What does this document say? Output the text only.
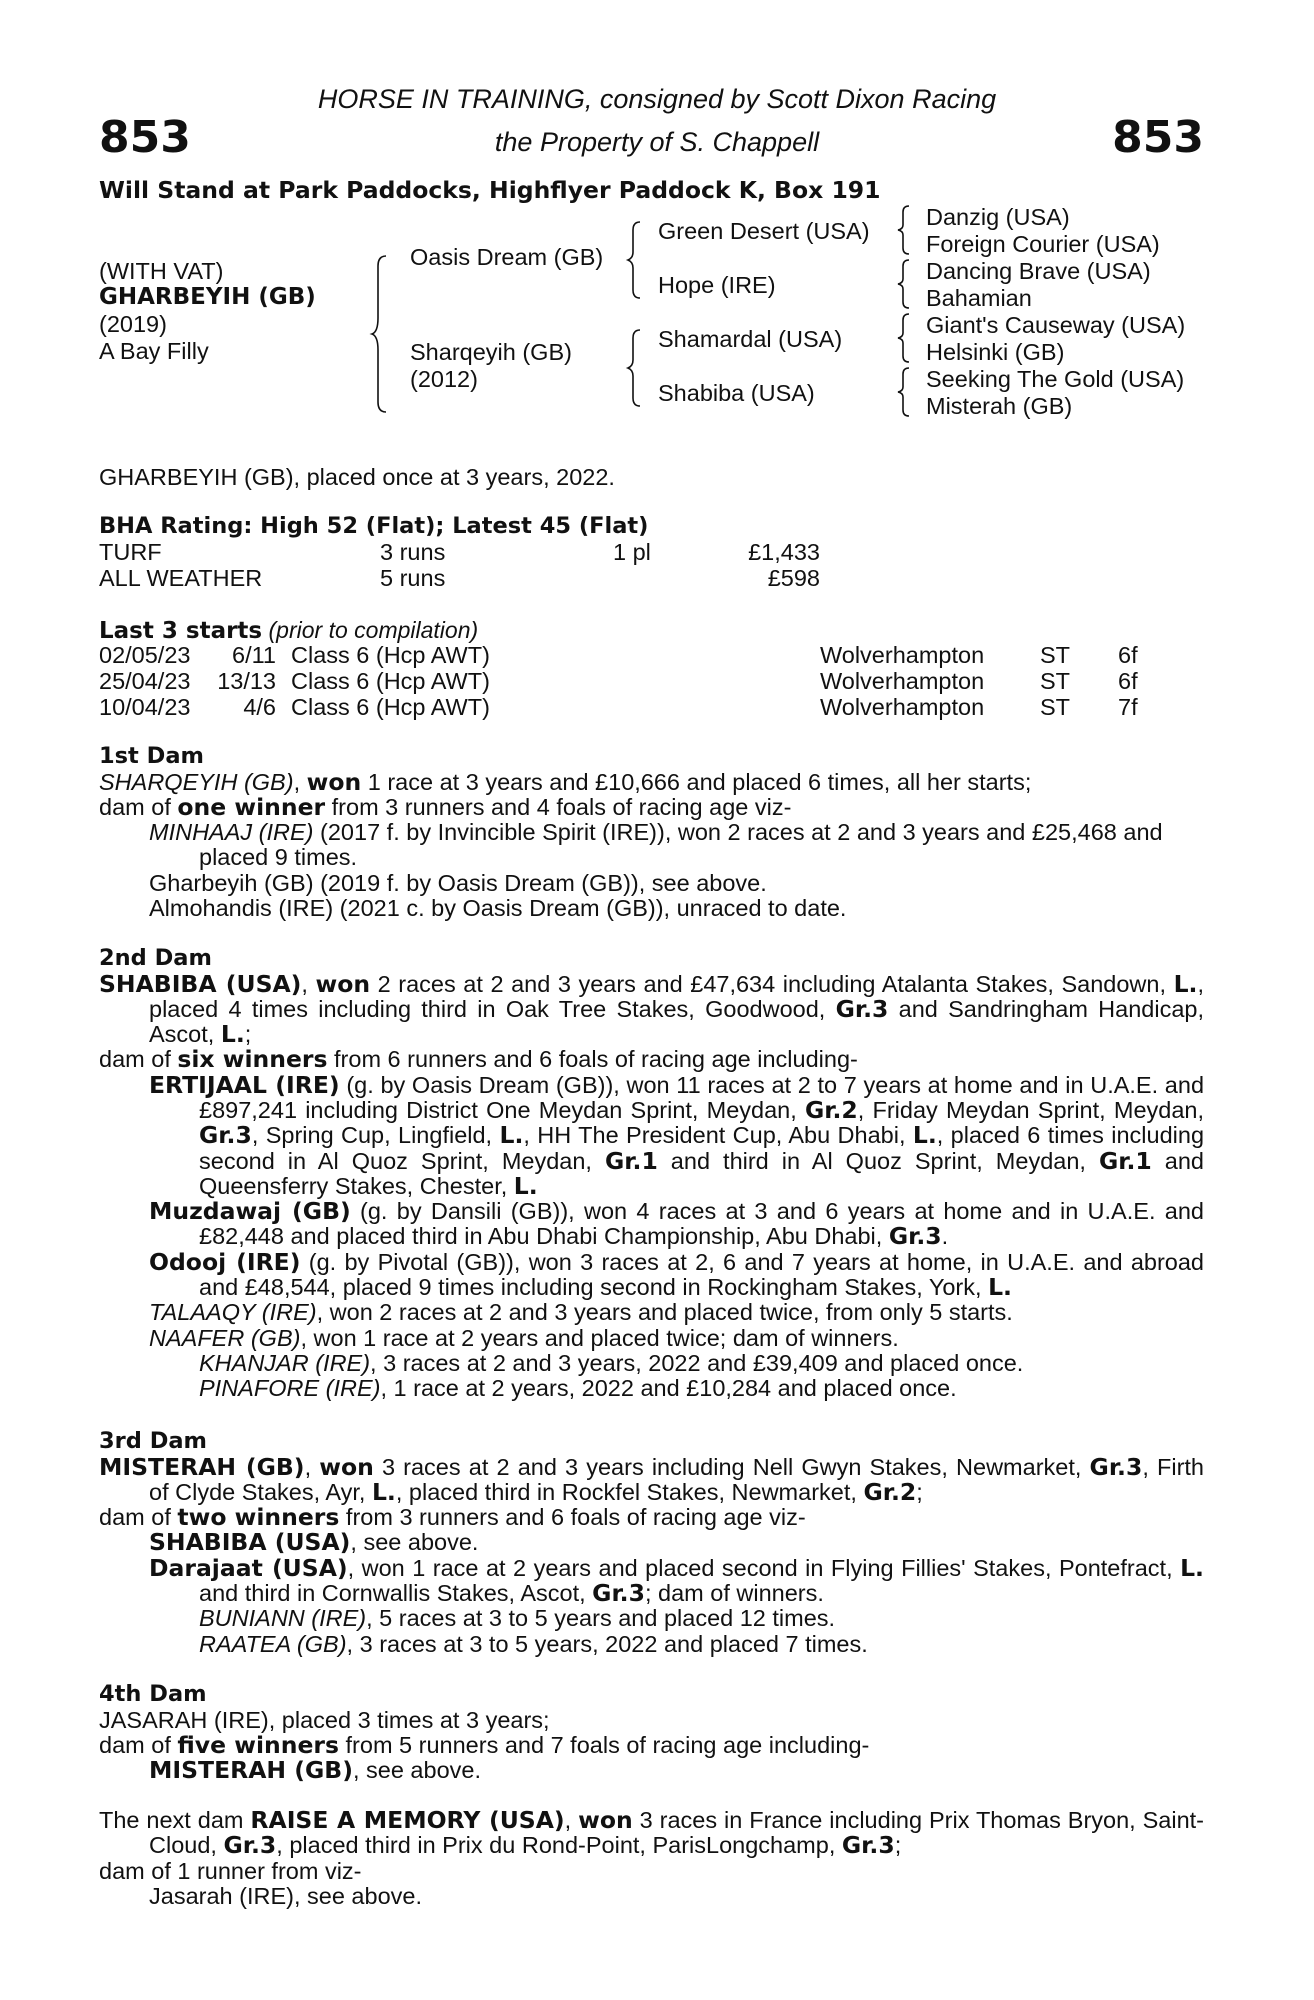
853	853
HORSE IN TRAINING, consigned by Scott Dixon Racing
the Property of S. Chappell
Will Stand at Park Paddocks, Highflyer Paddock K, Box 191
(WITH VAT)
GHARBEYIH (GB)
(2019)
A Bay Filly
Oasis Dream (GB)
Sharqeyih (GB)
(2012)
Green Desert (USA)
Hope (IRE)
Shamardal (USA)
Shabiba (USA)
Danzig (USA)
Foreign Courier (USA)
Dancing Brave (USA)
Bahamian
Giant's Causeway (USA)
Helsinki (GB)
Seeking The Gold (USA)
Misterah (GB)
GHARBEYIH (GB), placed once at 3 years, 2022.
BHA Rating: High 52 (Flat); Latest 45 (Flat)
TURF	3 runs	1 pl	£1,433
ALL WEATHER	5 runs	£598
Last 3 starts (prior to compilation)
02/05/23 6/11 Class 6 (Hcp AWT)	Wolverhampton ST 6f
25/04/23 13/13 Class 6 (Hcp AWT)	Wolverhampton ST 6f
10/04/23 4/6 Class 6 (Hcp AWT)	Wolverhampton ST 7f
1st Dam
SHARQEYIH (GB), won 1 race at 3 years and £10,666 and placed 6 times, all her starts;
dam of one winner from 3 runners and 4 foals of racing age viz-
MINHAAJ (IRE) (2017 f. by Invincible Spirit (IRE)), won 2 races at 2 and 3 years and £25,468 and placed 9 times.
Gharbeyih (GB) (2019 f. by Oasis Dream (GB)), see above.
Almohandis (IRE) (2021 c. by Oasis Dream (GB)), unraced to date.
2nd Dam
SHABIBA (USA), won 2 races at 2 and 3 years and £47,634 including Atalanta Stakes, Sandown, L., placed 4 times including third in Oak Tree Stakes, Goodwood, Gr.3 and Sandringham Handicap, Ascot, L.;
dam of six winners from 6 runners and 6 foals of racing age including-
ERTIJAAL (IRE) (g. by Oasis Dream (GB)), won 11 races at 2 to 7 years at home and in U.A.E. and £897,241 including District One Meydan Sprint, Meydan, Gr.2, Friday Meydan Sprint, Meydan, Gr.3, Spring Cup, Lingfield, L., HH The President Cup, Abu Dhabi, L., placed 6 times including second in Al Quoz Sprint, Meydan, Gr.1 and third in Al Quoz Sprint, Meydan, Gr.1 and Queensferry Stakes, Chester, L.
Muzdawaj (GB) (g. by Dansili (GB)), won 4 races at 3 and 6 years at home and in U.A.E. and £82,448 and placed third in Abu Dhabi Championship, Abu Dhabi, Gr.3.
Odooj (IRE) (g. by Pivotal (GB)), won 3 races at 2, 6 and 7 years at home, in U.A.E. and abroad and £48,544, placed 9 times including second in Rockingham Stakes, York, L.
TALAAQY (IRE), won 2 races at 2 and 3 years and placed twice, from only 5 starts.
NAAFER (GB), won 1 race at 2 years and placed twice; dam of winners.
KHANJAR (IRE), 3 races at 2 and 3 years, 2022 and £39,409 and placed once.
PINAFORE (IRE), 1 race at 2 years, 2022 and £10,284 and placed once.
3rd Dam
MISTERAH (GB), won 3 races at 2 and 3 years including Nell Gwyn Stakes, Newmarket, Gr.3, Firth of Clyde Stakes, Ayr, L., placed third in Rockfel Stakes, Newmarket, Gr.2;
dam of two winners from 3 runners and 6 foals of racing age viz-
SHABIBA (USA), see above.
Darajaat (USA), won 1 race at 2 years and placed second in Flying Fillies' Stakes, Pontefract, L. and third in Cornwallis Stakes, Ascot, Gr.3; dam of winners.
BUNIANN (IRE), 5 races at 3 to 5 years and placed 12 times.
RAATEA (GB), 3 races at 3 to 5 years, 2022 and placed 7 times.
4th Dam
JASARAH (IRE), placed 3 times at 3 years;
dam of five winners from 5 runners and 7 foals of racing age including-
MISTERAH (GB), see above.
The next dam RAISE A MEMORY (USA), won 3 races in France including Prix Thomas Bryon, Saint-Cloud, Gr.3, placed third in Prix du Rond-Point, ParisLongchamp, Gr.3;
dam of 1 runner from viz-
Jasarah (IRE), see above.
